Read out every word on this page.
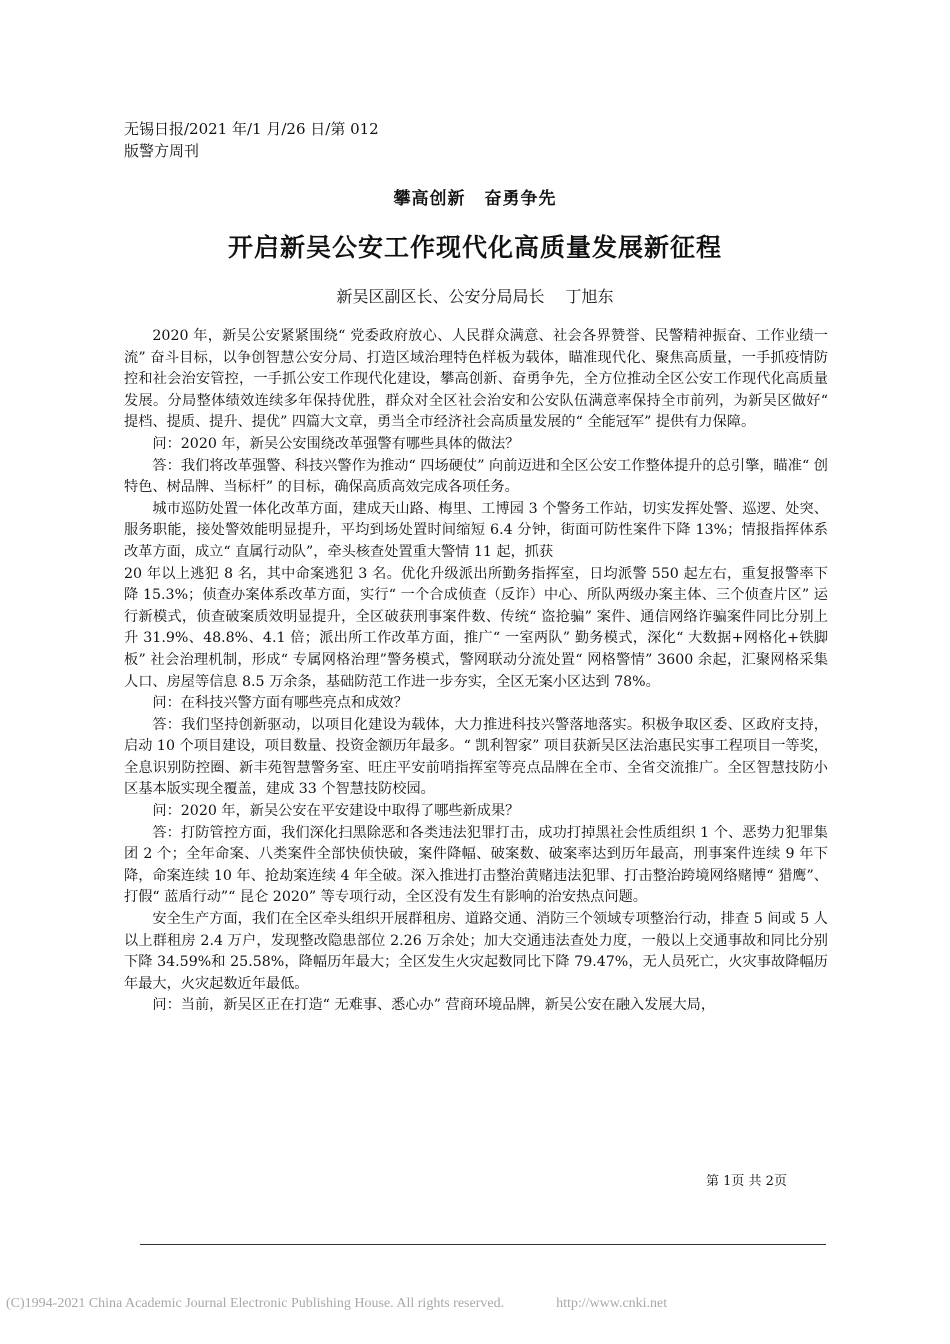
无锡日报/2021 年/1 月/26 日/第 012
版警方周刊
攀高创新 奋勇争先
开启新吴公安工作现代化高质量发展新征程
新吴区副区长、公安分局局长 丁旭东

2020 年，新吴公安紧紧围绕“ 党委政府放心、人民群众满意、社会各界赞誉、民警精神振奋、工作业绩一流” 奋斗目标，以争创智慧公安分局、打造区域治理特色样板为载体，瞄准现代化、聚焦高质量，一手抓疫情防控和社会治安管控，一手抓公安工作现代化建设，攀高创新、奋勇争先，全方位推动全区公安工作现代化高质量发展。分局整体绩效连续多年保持优胜，群众对全区社会治安和公安队伍满意率保持全市前列，为新吴区做好“ 提档、提质、提升、提优” 四篇大文章，勇当全市经济社会高质量发展的“ 全能冠军” 提供有力保障。

问：2020 年，新吴公安围绕改革强警有哪些具体的做法？

答：我们将改革强警、科技兴警作为推动“ 四场硬仗” 向前迈进和全区公安工作整体提升的总引擎，瞄准“ 创特色、树品牌、当标杆” 的目标，确保高质高效完成各项任务。

城市巡防处置一体化改革方面，建成天山路、梅里、工博园 3 个警务工作站，切实发挥处警、巡逻、处突、服务职能，接处警效能明显提升，平均到场处置时间缩短 6.4 分钟，街面可防性案件下降 13%；情报指挥体系改革方面，成立“ 直属行动队”，牵头核查处置重大警情 11 起，抓获

20 年以上逃犯 8 名，其中命案逃犯 3 名。优化升级派出所勤务指挥室，日均派警 550 起左右，重复报警率下降 15.3%；侦查办案体系改革方面，实行“ 一个合成侦查（反诈）中心、所队两级办案主体、三个侦查片区” 运行新模式，侦查破案质效明显提升，全区破获刑事案件数、传统“ 盗抢骗” 案件、通信网络诈骗案件同比分别上升 31.9%、48.8%、4.1 倍；派出所工作改革方面，推广“ 一室两队” 勤务模式，深化“ 大数据+网格化+铁脚板” 社会治理机制，形成“ 专属网格治理”警务模式，警网联动分流处置“ 网格警情” 3600 余起，汇聚网格采集人口、房屋等信息 8.5 万余条，基础防范工作进一步夯实，全区无案小区达到 78%。

问：在科技兴警方面有哪些亮点和成效？

答：我们坚持创新驱动，以项目化建设为载体，大力推进科技兴警落地落实。积极争取区委、区政府支持，启动 10 个项目建设，项目数量、投资金额历年最多。“ 凯利智家” 项目获新吴区法治惠民实事工程项目一等奖，全息识别防控圈、新丰苑智慧警务室、旺庄平安前哨指挥室等亮点品牌在全市、全省交流推广。全区智慧技防小区基本版实现全覆盖，建成 33 个智慧技防校园。

问：2020 年，新吴公安在平安建设中取得了哪些新成果？

答：打防管控方面，我们深化扫黑除恶和各类违法犯罪打击，成功打掉黑社会性质组织 1 个、恶势力犯罪集团 2 个；全年命案、八类案件全部快侦快破，案件降幅、破案数、破案率达到历年最高，刑事案件连续 9 年下降，命案连续 10 年、抢劫案连续 4 年全破。深入推进打击整治黄赌违法犯罪、打击整治跨境网络赌博“ 猎鹰”、打假“ 蓝盾行动”“ 昆仑 2020” 等专项行动，全区没有发生有影响的治安热点问题。

安全生产方面，我们在全区牵头组织开展群租房、道路交通、消防三个领域专项整治行动，排查 5 间或 5 人以上群租房 2.4 万户，发现整改隐患部位 2.26 万余处；加大交通违法查处力度，一般以上交通事故和同比分别下降 34.59%和 25.58%，降幅历年最大；全区发生火灾起数同比下降 79.47%，无人员死亡，火灾事故降幅历年最大，火灾起数近年最低。

问：当前，新吴区正在打造“ 无难事、悉心办” 营商环境品牌，新吴公安在融入发展大局，

第 1页 共 2页
(C)1994-2021 China Academic Journal Electronic Publishing House. All rights reserved.	http://www.cnki.net
